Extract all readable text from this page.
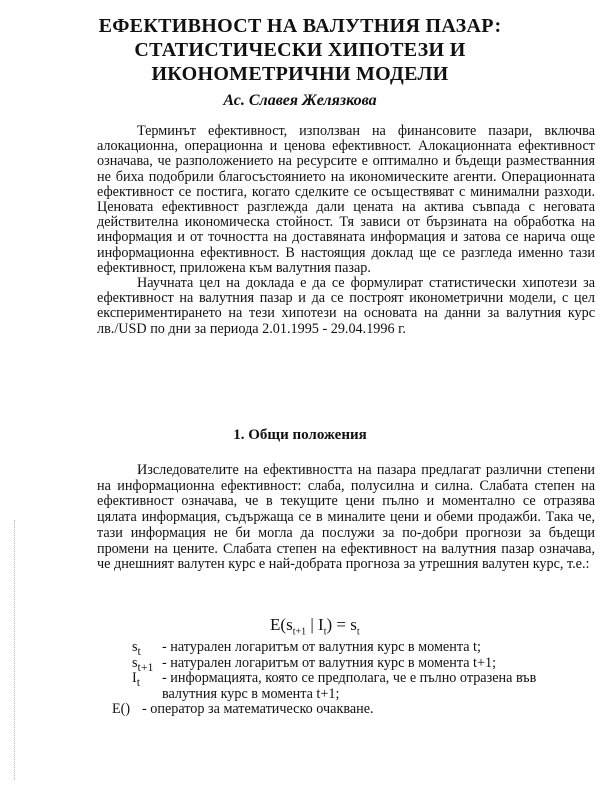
ЕФЕКТИВНОСТ НА ВАЛУТНИЯ ПАЗАР:
СТАТИСТИЧЕСКИ ХИПОТЕЗИ И
ИКОНОМЕТРИЧНИ МОДЕЛИ
Ас. Славея Желязкова

Терминът ефективност, използван на финансовите пазари, включва алокационна, операционна и ценова ефективност. Алокационната ефективност означава, че разположението на ресурсите е оптимално и бъдещи разместванния не биха подобрили благосъстоянието на икономическите агенти. Операционната ефективност се постига, когато сделките се осъществяват с минимални разходи. Ценовата ефективност разглежда дали цената на актива съвпада с неговата действителна икономическа стойност. Тя зависи от бързината на обработка на информация и от точността на доставяната информация и затова се нарича още информационна ефективност. В настоящия доклад ще се разгледа именно тази ефективност, приложена към валутния пазар.

Научната цел на доклада е да се формулират статистически хипотези за ефективност на валутния пазар и да се построят иконометрични модели, с цел експериментирането на тези хипотези на основата на данни за валутния курс лв./USD по дни за периода 2.01.1995 - 29.04.1996 г.

1. Общи положения

Изследователите на ефективността на пазара предлагат различни степени на информационна ефективност: слаба, полусилна и силна. Слабата степен на ефективност означава, че в текущите цени пълно и моментално се отразява цялата информация, съдържаща се в миналите цени и обеми продажби. Така че, тази информация не би могла да послужи за по-добри прогнози за бъдещи промени на цените. Слабата степен на ефективност на валутния пазар означава, че днешният валутен курс е най-добрата прогноза за утрешния валутен курс, т.е.:

$E(s_{t+1}$ | $I_t) = s_t$
$s_t$ - натурален логаритъм от валутния курс в момента t;
$s_{t+1}$ - натурален логаритъм от валутния курс в момента t+1;
$I_t$ - информацията, която се предполага, че е пълно отразена във валутния курс в момента t+1;
E() - оператор за математическо очакване.
